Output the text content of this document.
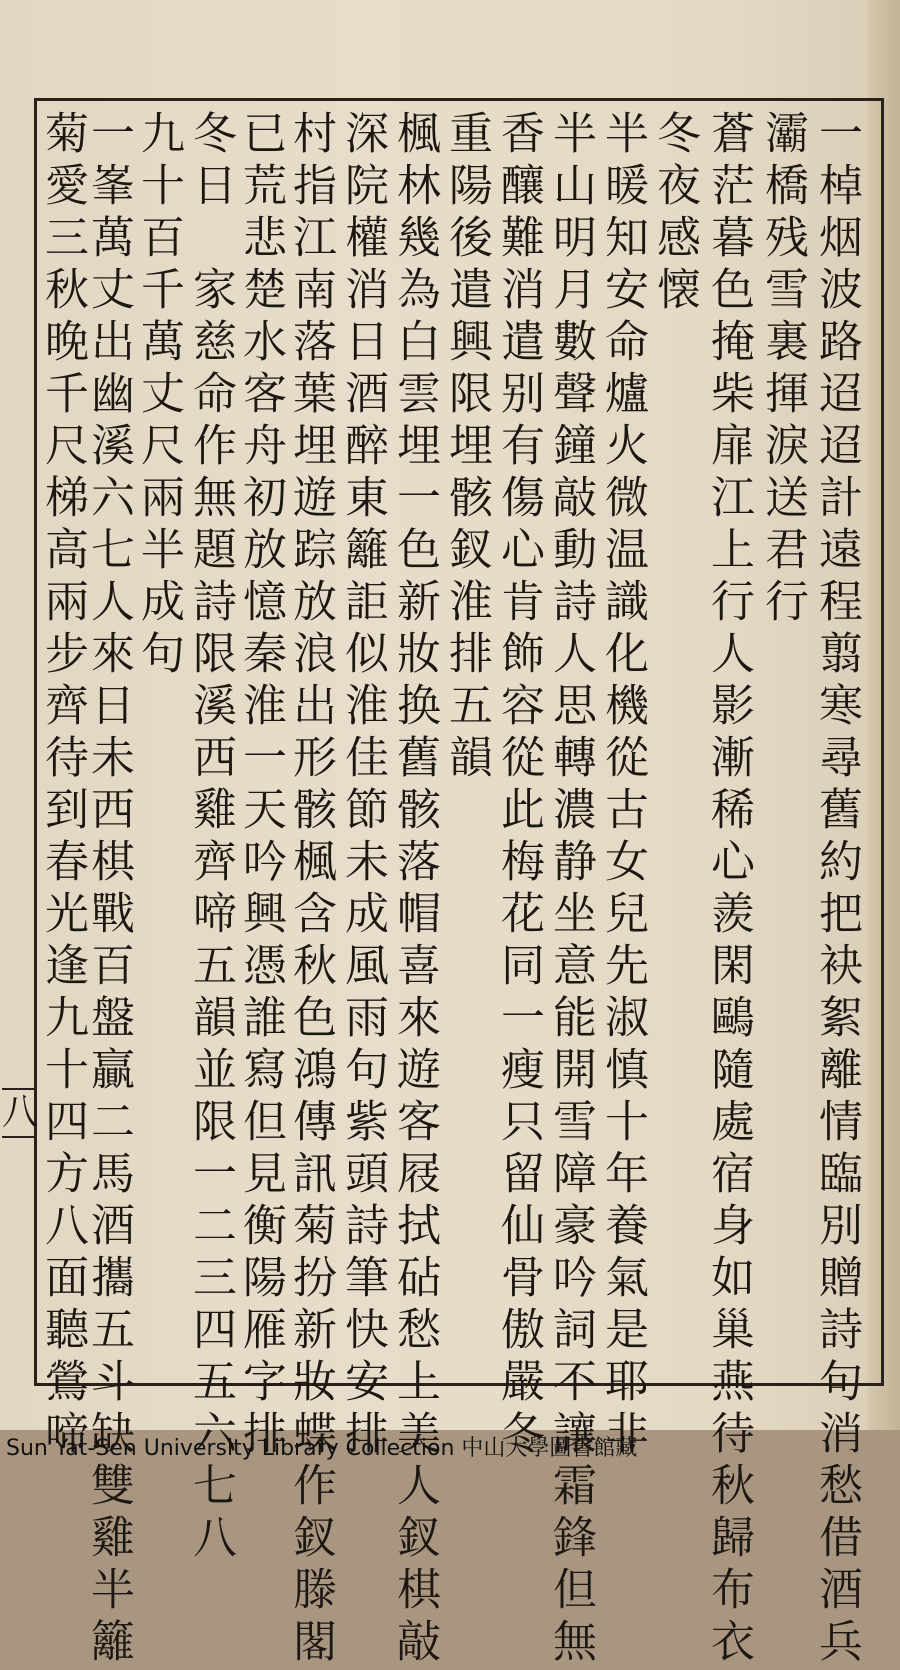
一棹烟波路迢迢計遠程翦寒尋舊約把袂絮離情臨別贈詩句消愁借酒兵
灞橋残雪裏揮淚送君行
蒼茫暮色掩柴扉江上行人影漸稀心羨閑鷗隨處宿身如巢燕待秋歸布衣
冬夜感懐
半暖知安命爐火微温識化機從古女兒先淑慎十年養氣是耶非
半山明月數聲鐘敲動詩人思轉濃静坐意能開雪障豪吟詞不讓霜鋒但無
香釀難消遣别有傷心肯飾容從此梅花同一瘦只留仙骨傲嚴冬
重陽後遣興限埋骸釵淮排五韻
楓林幾為白雲埋一色新妝换舊骸落帽喜來遊客屐拭砧愁上美人釵棋敲
深院權消日酒醉東籬詎似淮佳節未成風雨句紫頭詩筆快安排
村指江南落葉埋遊踪放浪出形骸楓含秋色鴻傳訊菊扮新妝蝶作釵滕閣
已荒悲楚水客舟初放憶秦淮一天吟興憑誰寫但見衡陽雁字排
冬日　家慈命作無題詩限溪西雞齊啼五韻並限一二三四五六七八
九十百千萬丈尺兩半成句
一峯萬丈出幽溪六七人來日未西棋戰百盤贏二馬酒攜五斗缺雙雞半籬
菊愛三秋晚千尺梯高兩步齊待到春光逢九十四方八面聽鶯啼
八
Sun Yat-Sen University Library Collection 中山大學圖書館藏
